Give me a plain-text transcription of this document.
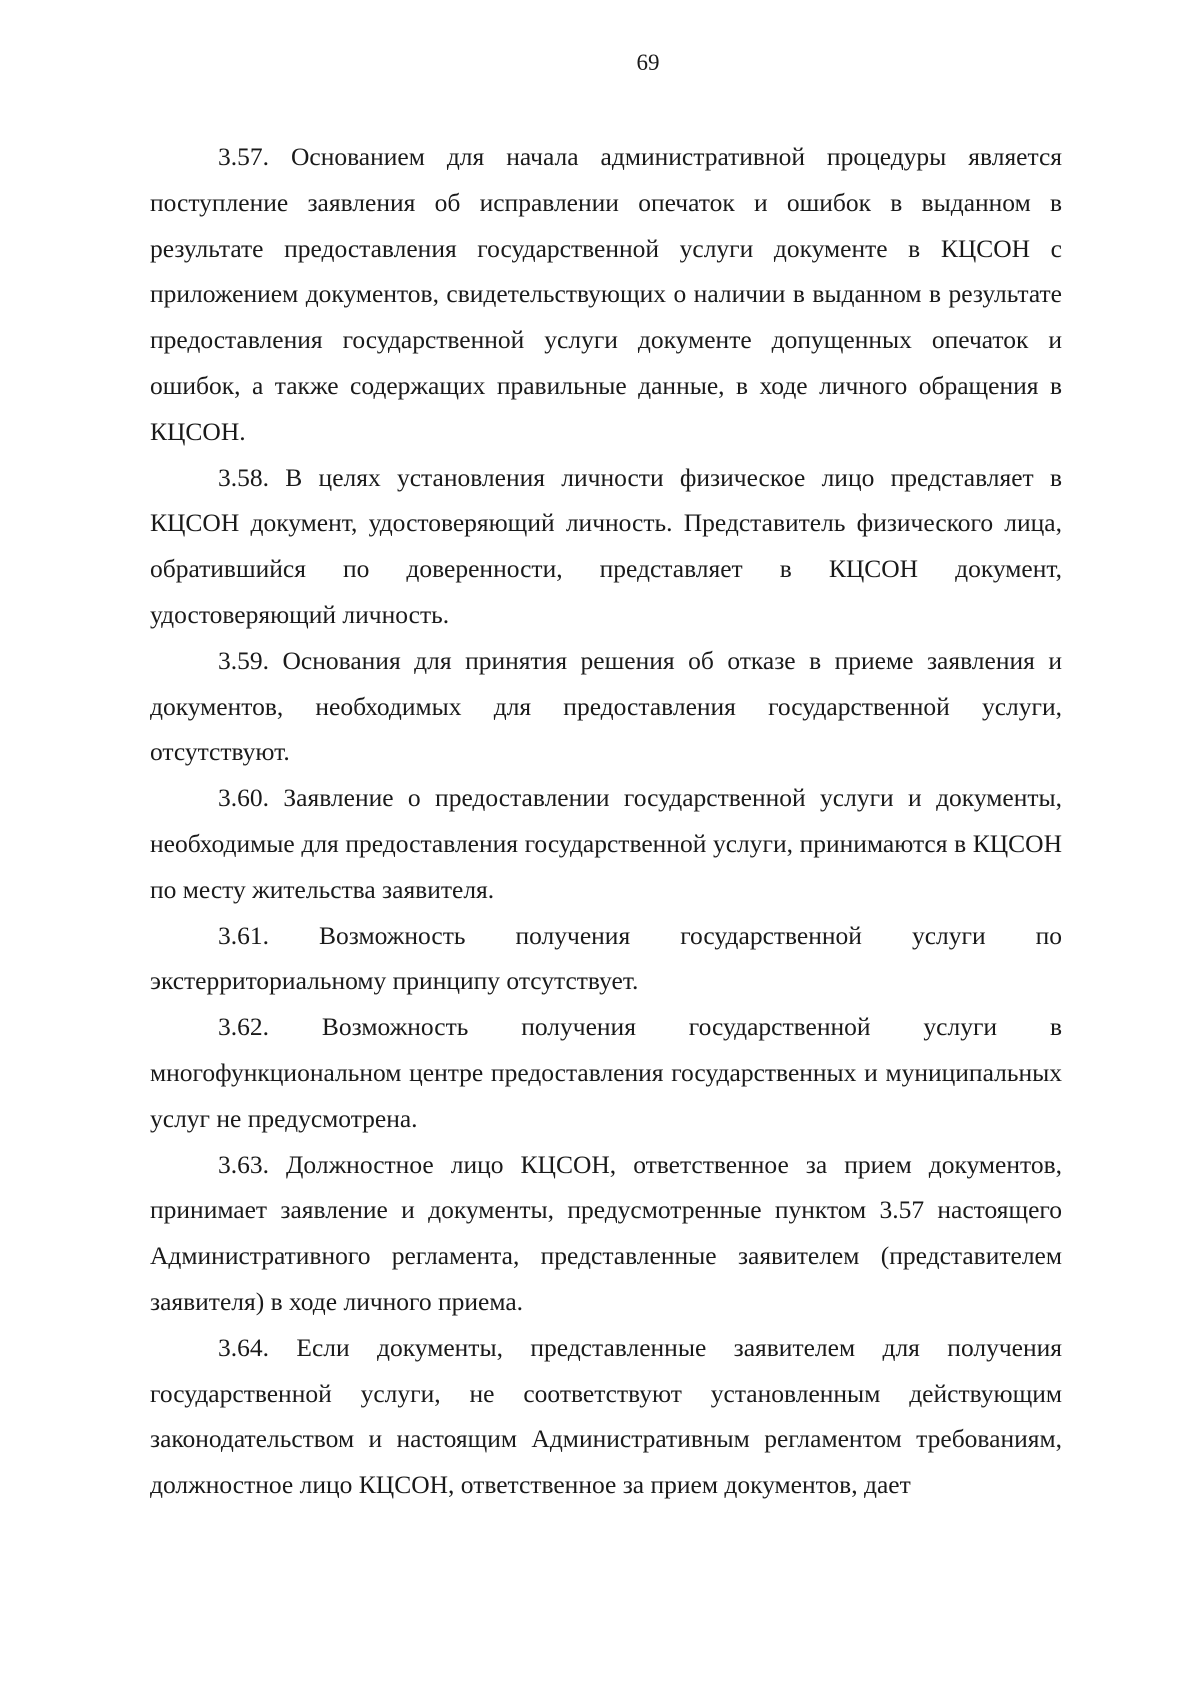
69

3.57. Основанием для начала административной процедуры является поступление заявления об исправлении опечаток и ошибок в выданном в результате предоставления государственной услуги документе в КЦСОН с приложением документов, свидетельствующих о наличии в выданном в результате предоставления государственной услуги документе допущенных опечаток и ошибок, а также содержащих правильные данные, в ходе личного обращения в КЦСОН.

3.58. В целях установления личности физическое лицо представляет в КЦСОН документ, удостоверяющий личность. Представитель физического лица, обратившийся по доверенности, представляет в КЦСОН документ, удостоверяющий личность.

3.59. Основания для принятия решения об отказе в приеме заявления и документов, необходимых для предоставления государственной услуги, отсутствуют.

3.60. Заявление о предоставлении государственной услуги и документы, необходимые для предоставления государственной услуги, принимаются в КЦСОН по месту жительства заявителя.

3.61. Возможность получения государственной услуги по экстерриториальному принципу отсутствует.

3.62. Возможность получения государственной услуги в многофункциональном центре предоставления государственных и муниципальных услуг не предусмотрена.

3.63. Должностное лицо КЦСОН, ответственное за прием документов, принимает заявление и документы, предусмотренные пунктом 3.57 настоящего Административного регламента, представленные заявителем (представителем заявителя) в ходе личного приема.

3.64. Если документы, представленные заявителем для получения государственной услуги, не соответствуют установленным действующим законодательством и настоящим Административным регламентом требованиям, должностное лицо КЦСОН, ответственное за прием документов, дает
